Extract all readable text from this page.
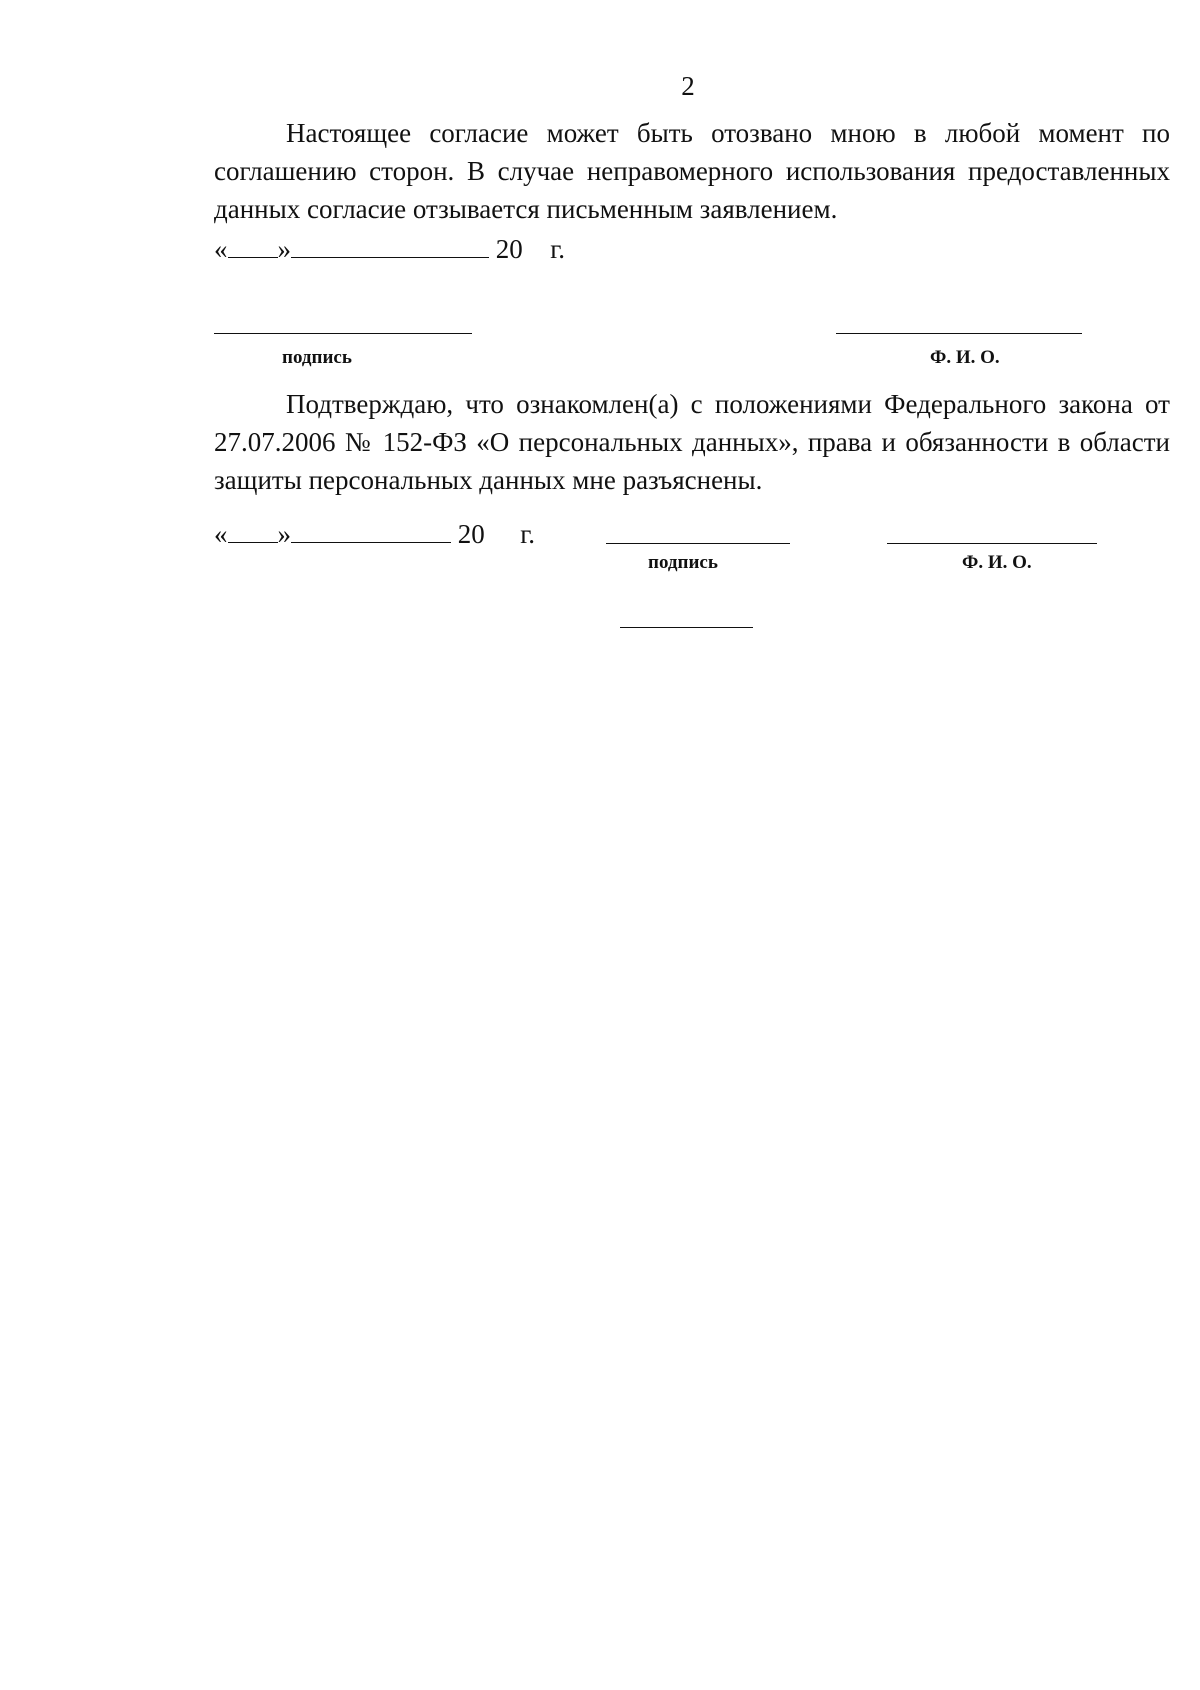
2

Настоящее согласие может быть отозвано мною в любой момент по соглашению сторон. В случае неправомерного использования предоставленных данных согласие отзывается письменным заявлением.

« »	20 г.
подпись	Ф. И. О.

Подтверждаю, что ознакомлен(а) с положениями Федерального закона от 27.07.2006 № 152-ФЗ «О персональных данных», права и обязанности в области защиты персональных данных мне разъяснены.

« »	20 г.
подпись	Ф. И. О.
